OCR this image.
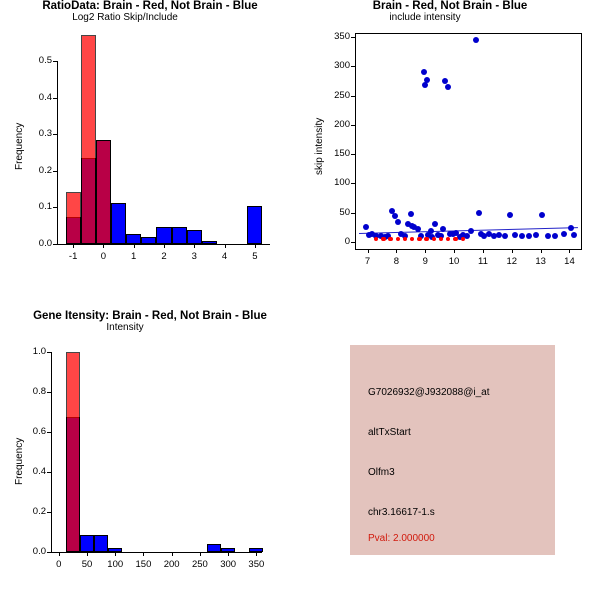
RatioData: Brain - Red, Not Brain - Blue
Frequency
Log2 Ratio Skip/Include
-1	0	1	2	3	4	5
0.0
0.1
0.2
0.3
0.4
0.5
Brain - Red, Not Brain - Blue
skip intensity
include intensity
7	8	9	10	11	12	13	14
0
50
100
150
200
250
300
350
Gene Itensity: Brain - Red, Not Brain - Blue
Frequency
Intensity
0	50	100	150	200	250	300	350
0.0
0.2
0.4
0.6
0.8
1.0
G7026932@J932088@i_at
altTxStart
Olfm3
chr3.16617-1.s
Pval: 2.000000
